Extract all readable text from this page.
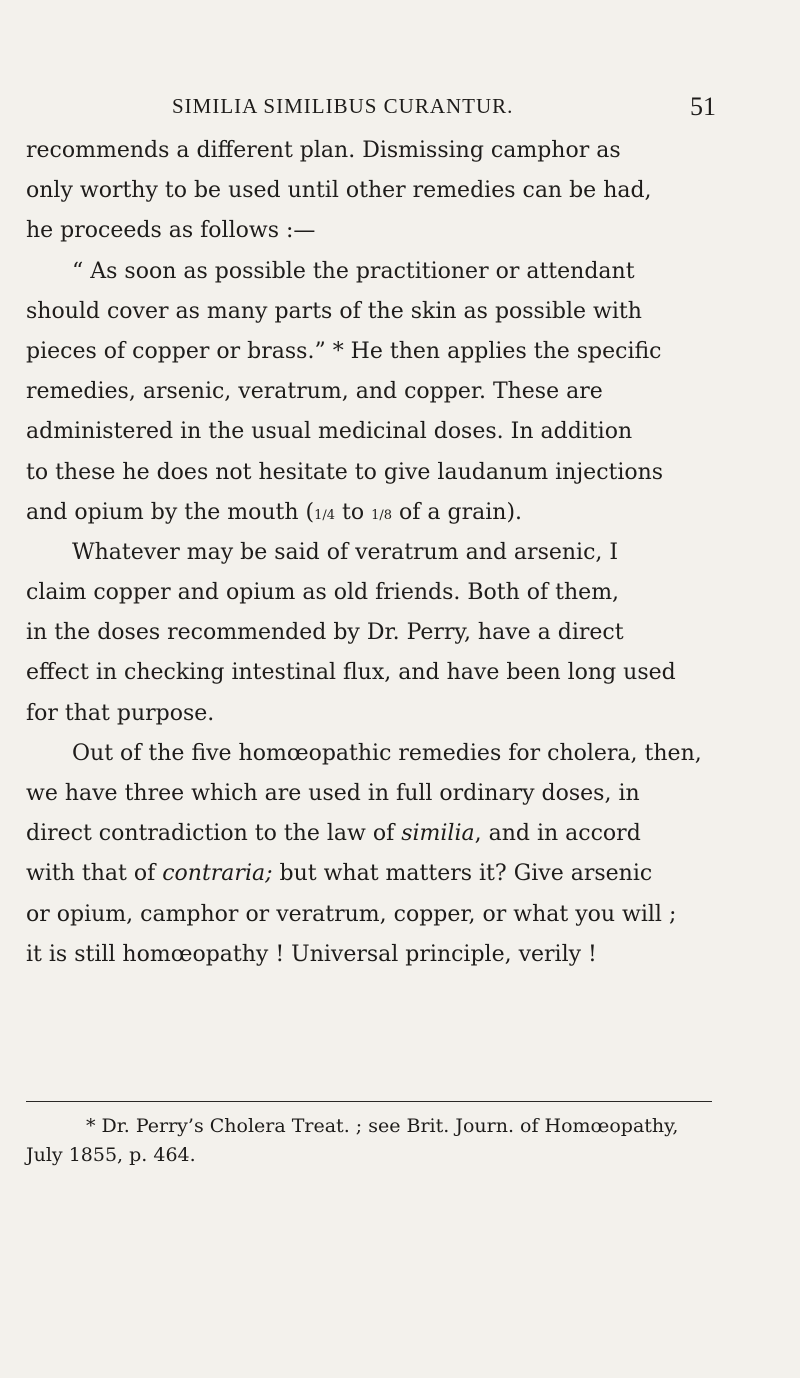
SIMILIA SIMILIBUS CURANTUR.	51
recommends a different plan. Dismissing camphor as
only worthy to be used until other remedies can be had,
he proceeds as follows :—
“ As soon as possible the practitioner or attendant
should cover as many parts of the skin as possible with
pieces of copper or brass.” * He then applies the specific
remedies, arsenic, veratrum, and copper. These are
administered in the usual medicinal doses. In addition
to these he does not hesitate to give laudanum injections
and opium by the mouth (1/4 to 1/8 of a grain).
Whatever may be said of veratrum and arsenic, I
claim copper and opium as old friends. Both of them,
in the doses recommended by Dr. Perry, have a direct
effect in checking intestinal flux, and have been long used
for that purpose.
Out of the five homœopathic remedies for cholera, then,
we have three which are used in full ordinary doses, in
direct contradiction to the law of similia, and in accord
with that of contraria; but what matters it? Give arsenic
or opium, camphor or veratrum, copper, or what you will ;
it is still homœopathy ! Universal principle, verily !
* Dr. Perry’s Cholera Treat. ; see Brit. Journ. of Homœopathy,
July 1855, p. 464.
